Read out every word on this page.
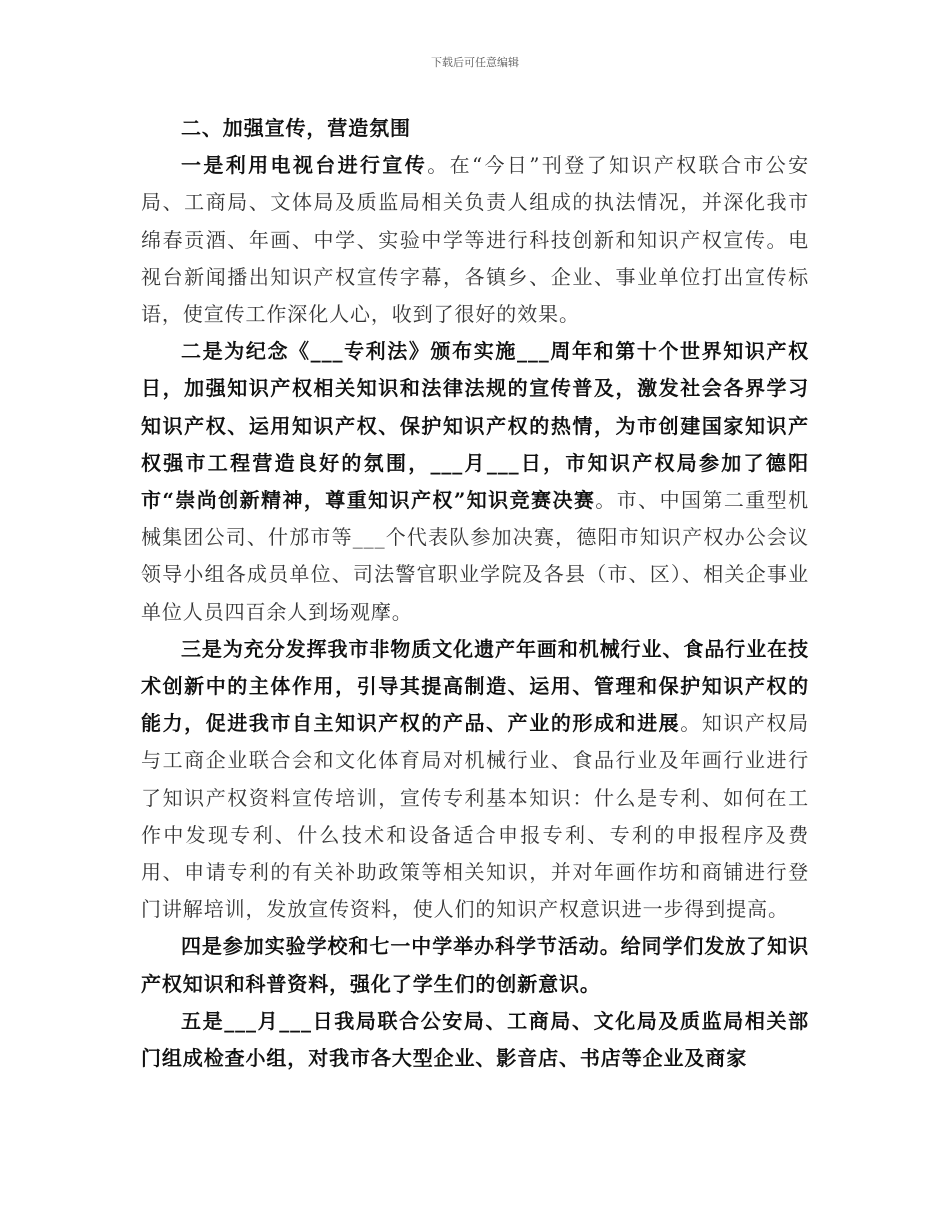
下载后可任意编辑

二、加强宣传，营造氛围

一是利用电视台进行宣传。在“今日”刊登了知识产权联合市公安局、工商局、文体局及质监局相关负责人组成的执法情况，并深化我市绵春贡酒、年画、中学、实验中学等进行科技创新和知识产权宣传。电视台新闻播出知识产权宣传字幕，各镇乡、企业、事业单位打出宣传标语，使宣传工作深化人心，收到了很好的效果。

二是为纪念《___专利法》颁布实施___周年和第十个世界知识产权日，加强知识产权相关知识和法律法规的宣传普及，激发社会各界学习知识产权、运用知识产权、保护知识产权的热情，为市创建国家知识产权强市工程营造良好的氛围，___月___日，市知识产权局参加了德阳市“崇尚创新精神，尊重知识产权”知识竞赛决赛。市、中国第二重型机械集团公司、什邡市等___个代表队参加决赛，德阳市知识产权办公会议领导小组各成员单位、司法警官职业学院及各县（市、区）、相关企事业单位人员四百余人到场观摩。

三是为充分发挥我市非物质文化遗产年画和机械行业、食品行业在技术创新中的主体作用，引导其提高制造、运用、管理和保护知识产权的能力，促进我市自主知识产权的产品、产业的形成和进展。知识产权局与工商企业联合会和文化体育局对机械行业、食品行业及年画行业进行了知识产权资料宣传培训，宣传专利基本知识：什么是专利、如何在工作中发现专利、什么技术和设备适合申报专利、专利的申报程序及费用、申请专利的有关补助政策等相关知识，并对年画作坊和商铺进行登门讲解培训，发放宣传资料，使人们的知识产权意识进一步得到提高。

四是参加实验学校和七一中学举办科学节活动。给同学们发放了知识产权知识和科普资料，强化了学生们的创新意识。

五是___月___日我局联合公安局、工商局、文化局及质监局相关部门组成检查小组，对我市各大型企业、影音店、书店等企业及商家
